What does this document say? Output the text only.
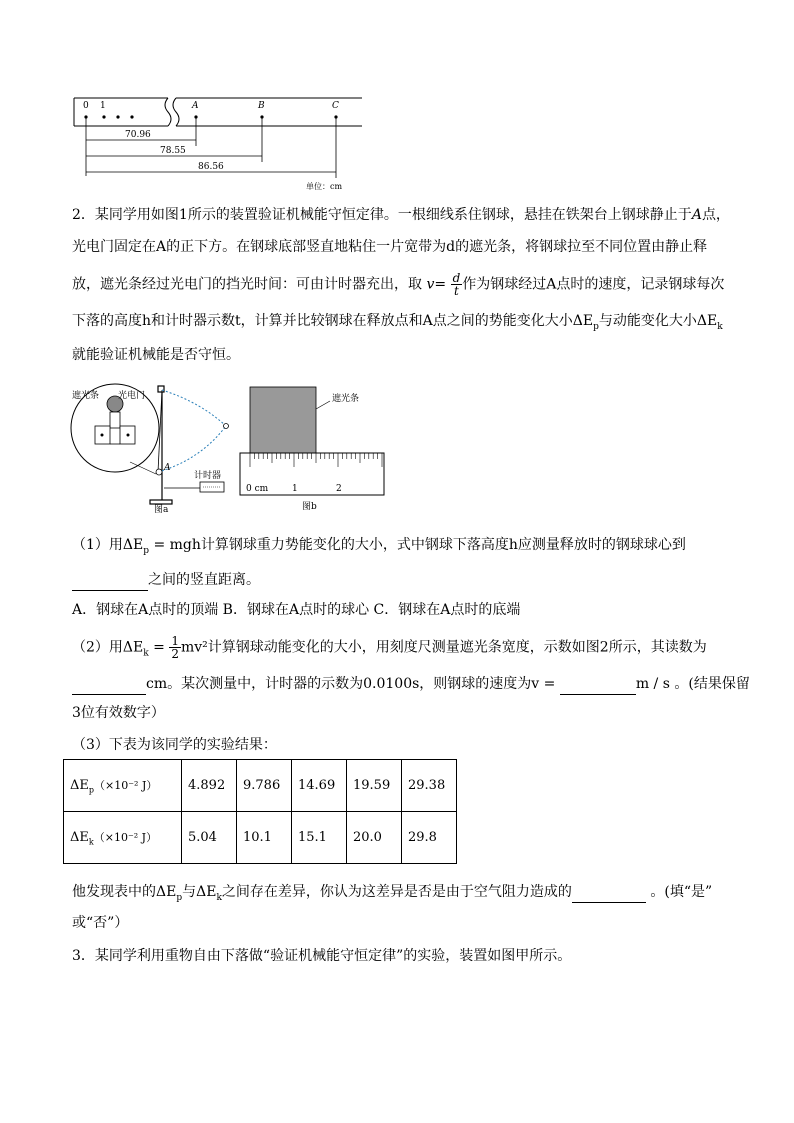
0 1	A	B	C
70.96
78.55
86.56
单位：cm
2．某同学用如图1所示的装置验证机械能守恒定律。一根细线系住钢球，悬挂在铁架台上钢球静止于A点，
光电门固定在A的正下方。在钢球底部竖直地粘住一片宽带为d的遮光条，将钢球拉至不同位置由静止释
放，遮光条经过光电门的挡光时间：可由计时器充出，取 $v= \frac{d}{t}$ 作为钢球经过A点时的速度，记录钢球每次
下落的高度h和计时器示数t，计算并比较钢球在释放点和A点之间的势能变化大小$\Delta E_p$与动能变化大小$\Delta E_k$
就能验证机械能是否守恒。
遮光条 光电门
A
计时器
图a
遮光条
0 cm	1	2
图b
（1）用$\Delta E_p$ = mgh计算钢球重力势能变化的大小，式中钢球下落高度h应测量释放时的钢球球心到
之间的竖直距离。
A．钢球在A点时的顶端 B．钢球在A点时的球心 C．钢球在A点时的底端
（2）用$\Delta E_k = \frac{1}{2} mv^2$计算钢球动能变化的大小，用刻度尺测量遮光条宽度，示数如图2所示，其读数为
cm。某次测量中，计时器的示数为0.0100s，则钢球的速度为v =	m / s 。(结果保留
3位有效数字）
（3）下表为该同学的实验结果：
$\Delta E_p(\times 10^{-2}$ J）	4.892	9.786	14.69	19.59	29.38
$\Delta E_k(\times 10^{-2}$ J）	5.04	10.1	15.1	20.0	29.8
他发现表中的$\Delta E_p$与$\Delta E_k$之间存在差异，你认为这差异是否是由于空气阻力造成的	。(填“是”
或“否”）
3．某同学利用重物自由下落做“验证机械能守恒定律”的实验，装置如图甲所示。
